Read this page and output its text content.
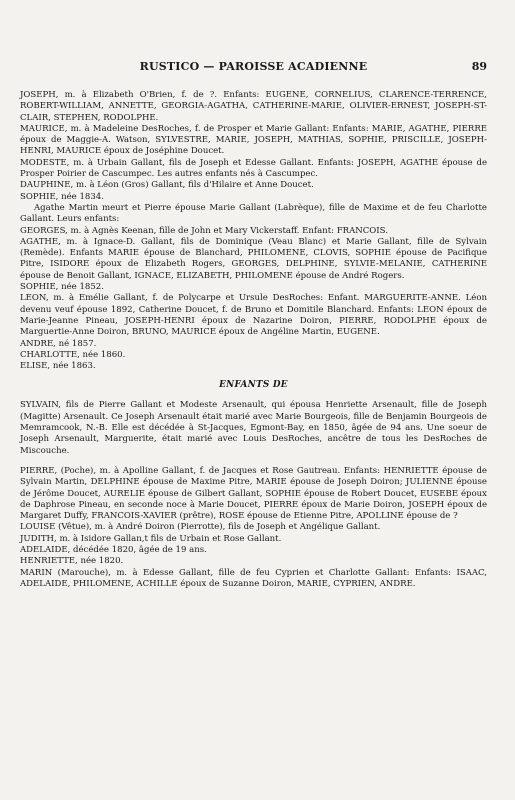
RUSTICO — PAROISSE ACADIENNE	89

JOSEPH, m. à Elizabeth O'Brien, f. de ?. Enfants: EUGENE, CORNELIUS, CLARENCE-TERRENCE, ROBERT-WILLIAM, ANNETTE, GEORGIA-AGATHA, CATHERINE-MARIE, OLIVIER-ERNEST, JOSEPH-ST-CLAIR, STEPHEN, RODOLPHE.

MAURICE, m. à Madeleine DesRoches, f. de Prosper et Marie Gallant: Enfants: MARIE, AGATHE, PIERRE époux de Maggie-A. Watson, SYLVESTRE, MARIE, JOSEPH, MATHIAS, SOPHIE, PRISCILLE, JOSEPH-HENRI, MAURICE époux de Joséphine Doucet.

MODESTE, m. à Urbain Gallant, fils de Joseph et Edesse Gallant. Enfants: JOSEPH, AGATHE épouse de Prosper Poirier de Cascumpec. Les autres enfants nés à Cascumpec.

DAUPHINE, m. à Léon (Gros) Gallant, fils d'Hilaire et Anne Doucet.

SOPHIE, née 1834.

Agathe Martin meurt et Pierre épouse Marie Gallant (Labrèque), fille de Maxime et de feu Charlotte Gallant. Leurs enfants:

GEORGES, m. à Agnès Keenan, fille de John et Mary Vickerstaff. Enfant: FRANCOIS.

AGATHE, m. à Ignace-D. Gallant, fils de Dominique (Veau Blanc) et Marie Gallant, fille de Sylvain (Remède). Enfants MARIE épouse de Blanchard, PHILOMENE, CLOVIS, SOPHIE épouse de Pacifique Pitre, ISIDORE époux de Elizabeth Rogers, GEORGES, DELPHINE, SYLVIE-MELANIE, CATHERINE épouse de Benoit Gallant, IGNACE, ELIZABETH, PHILOMENE épouse de André Rogers.

SOPHIE, née 1852.

LEON, m. à Emélie Gallant, f. de Polycarpe et Ursule DesRoches: Enfant. MARGUERITE-ANNE. Léon devenu veuf épouse 1892, Catherine Doucet, f. de Bruno et Domitile Blanchard. Enfants: LEON époux de Marie-Jeanne Pineau, JOSEPH-HENRI époux de Nazarine Doiron, PIERRE, RODOLPHE époux de Marguertie-Anne Doiron, BRUNO, MAURICE époux de Angéline Martin, EUGENE.

ANDRE, né 1857.

CHARLOTTE, née 1860.

ELISE, née 1863.

ENFANTS DE

SYLVAIN, fils de Pierre Gallant et Modeste Arsenault, qui épousa Henriette Arsenault, fille de Joseph (Magitte) Arsenault. Ce Joseph Arsenault était marié avec Marie Bourgeois, fille de Benjamin Bourgeois de Memramcook, N.-B. Elle est décédée à St-Jacques, Egmont-Bay, en 1850, âgée de 94 ans. Une soeur de Joseph Arsenault, Marguerite, était marié avec Louis DesRoches, ancêtre de tous les DesRoches de Miscouche.

PIERRE, (Poche), m. à Apolline Gallant, f. de Jacques et Rose Gautreau. Enfants: HENRIETTE épouse de Sylvain Martin, DELPHINE épouse de Maxime Pitre, MARIE épouse de Joseph Doiron; JULIENNE épouse de Jérôme Doucet, AURELIE épouse de Gilbert Gallant, SOPHIE épouse de Robert Doucet, EUSEBE époux de Daphrose Pineau, en seconde noce à Marie Doucet, PIERRE époux de Marie Doiron, JOSEPH époux de Margaret Duffy, FRANCOIS-XAVIER (prêtre), ROSE épouse de Etienne Pitre, APOLLINE épouse de ?

LOUISE (Vêtue), m. à André Doiron (Pierrotte), fils de Joseph et Angélique Gallant.

JUDITH, m. à Isidore Gallan,t fils de Urbain et Rose Gallant.

ADELAIDE, décédée 1820, âgée de 19 ans.

HENRIETTE, née 1820.

MARIN (Marouche), m. à Edesse Gallant, fille de feu Cyprien et Charlotte Gallant: Enfants: ISAAC, ADELAIDE, PHILOMENE, ACHILLE époux de Suzanne Doiron, MARIE, CYPRIEN, ANDRE.
